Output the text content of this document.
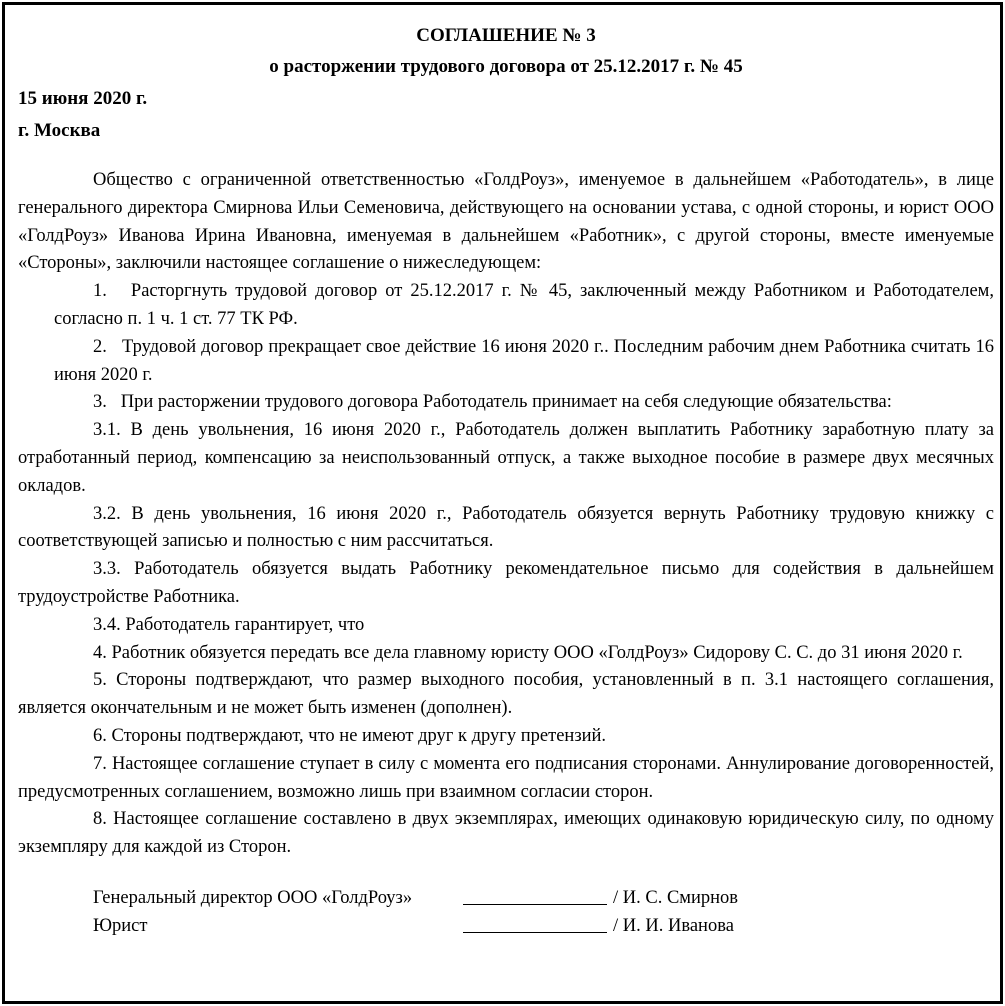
СОГЛАШЕНИЕ № 3
о расторжении трудового договора от 25.12.2017 г. № 45
15 июня 2020 г.
г. Москва

Общество с ограниченной ответственностью «ГолдРоуз», именуемое в дальнейшем «Работодатель», в лице генерального директора Смирнова Ильи Семеновича, действующего на основании устава, с одной стороны, и юрист ООО «ГолдРоуз» Иванова Ирина Ивановна, именуемая в дальнейшем «Работник», с другой стороны, вместе именуемые «Стороны», заключили настоящее соглашение о нижеследующем:

1.   Расторгнуть трудовой договор от 25.12.2017 г. № 45, заключенный между Работником и Работодателем, согласно п. 1 ч. 1 ст. 77 ТК РФ.

2.   Трудовой договор прекращает свое действие 16 июня 2020 г.. Последним рабочим днем Работника считать 16 июня 2020 г.

3.   При расторжении трудового договора Работодатель принимает на себя следующие обязательства:

3.1. В день увольнения, 16 июня 2020 г., Работодатель должен выплатить Работнику заработную плату за отработанный период, компенсацию за неиспользованный отпуск, а также выходное пособие в размере двух месячных окладов.

3.2. В день увольнения, 16 июня 2020 г., Работодатель обязуется вернуть Работнику трудовую книжку с соответствующей записью и полностью с ним рассчитаться.

3.3. Работодатель обязуется выдать Работнику рекомендательное письмо для содействия в дальнейшем трудоустройстве Работника.

3.4. Работодатель гарантирует, что

4. Работник обязуется передать все дела главному юристу ООО «ГолдРоуз» Сидорову С. С. до 31 июня 2020 г.

5. Стороны подтверждают, что размер выходного пособия, установленный в п. 3.1 настоящего соглашения, является окончательным и не может быть изменен (дополнен).

6. Стороны подтверждают, что не имеют друг к другу претензий.

7. Настоящее соглашение ступает в силу с момента его подписания сторонами. Аннулирование договоренностей, предусмотренных соглашением, возможно лишь при взаимном согласии сторон.

8. Настоящее соглашение составлено в двух экземплярах, имеющих одинаковую юридическую силу, по одному экземпляру для каждой из Сторон.

Генеральный директор ООО «ГолдРоуз»	/ И. С. Смирнов
Юрист	/ И. И. Иванова
